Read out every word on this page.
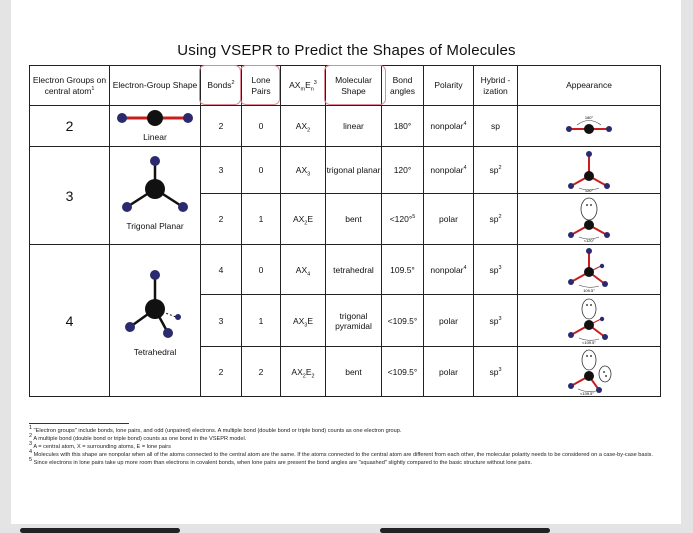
Using VSEPR to Predict the Shapes of Molecules
Electron Groups on central atom$^1$	Electron-Group Shape	Bonds$^2$	Lone Pairs	$AX_mE_n^3$	Molecular Shape	Bond angles	Polarity	Hybrid -ization	Appearance
2	Linear	2	0	$AX_2$	linear	180°	nonpolar$^4$	sp	180°

3	Trigonal Planar	3	0	$AX_3$	trigonal planar	120°	nonpolar$^4$	$sp^2$	120°

		2	1	$AX_2E$	bent	<120°$^5$	polar	$sp^2$	<120°

4	Tetrahedral	4	0	$AX_4$	tetrahedral	109.5°	nonpolar$^4$	$sp^3$	109.5°

		3	1	$AX_3E$	trigonal pyramidal	<109.5°	polar	$sp^3$	<109.5°

		2	2	$AX_2E_2$	bent	<109.5°	polar	$sp^3$	<109.5°
$^1$ "Electron groups" include bonds, lone pairs, and odd (unpaired) electrons. A multiple bond (double bond or triple bond) counts as one electron group.
$^2$ A multiple bond (double bond or triple bond) counts as one bond in the VSEPR model.
$^3$ A = central atom, X = surrounding atoms, E = lone pairs
$^4$ Molecules with this shape are nonpolar when all of the atoms connected to the central atom are the same. If the atoms connected to the central atom are different from each other, the molecular polarity needs to be considered on a case-by-case basis.
$^5$ Since electrons in lone pairs take up more room than electrons in covalent bonds, when lone pairs are present the bond angles are "squashed" slightly compared to the basic structure without lone pairs.
